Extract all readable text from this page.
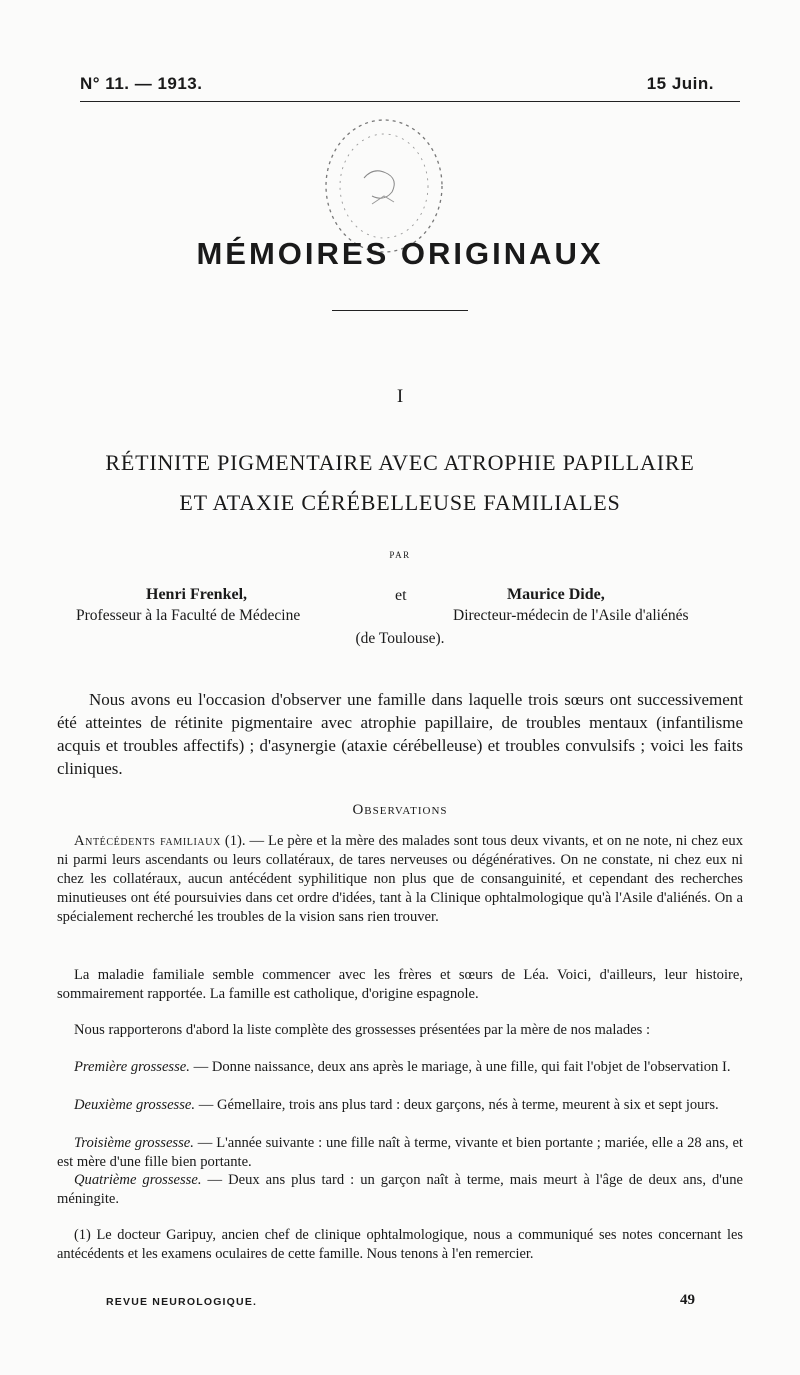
N° 11. — 1913.	15 Juin.
MÉMOIRES ORIGINAUX
I
RÉTINITE PIGMENTAIRE AVEC ATROPHIE PAPILLAIRE
ET ATAXIE CÉRÉBELLEUSE FAMILIALES
PAR
Henri Frenkel,	et	Maurice Dide,
Professeur à la Faculté de Médecine	Directeur-médecin de l'Asile d'aliénés
(de Toulouse).

Nous avons eu l'occasion d'observer une famille dans laquelle trois sœurs ont successivement été atteintes de rétinite pigmentaire avec atrophie papillaire, de troubles mentaux (infantilisme acquis et troubles affectifs) ; d'asynergie (ataxie cérébelleuse) et troubles convulsifs ; voici les faits cliniques.

Observations

Antécédents familiaux (1). — Le père et la mère des malades sont tous deux vivants, et on ne note, ni chez eux ni parmi leurs ascendants ou leurs collatéraux, de tares nerveuses ou dégénératives. On ne constate, ni chez eux ni chez les collatéraux, aucun antécédent syphilitique non plus que de consanguinité, et cependant des recherches minutieuses ont été poursuivies dans cet ordre d'idées, tant à la Clinique ophtalmologique qu'à l'Asile d'aliénés. On a spécialement recherché les troubles de la vision sans rien trouver.

La maladie familiale semble commencer avec les frères et sœurs de Léa. Voici, d'ailleurs, leur histoire, sommairement rapportée. La famille est catholique, d'origine espagnole.

Nous rapporterons d'abord la liste complète des grossesses présentées par la mère de nos malades :

Première grossesse. — Donne naissance, deux ans après le mariage, à une fille, qui fait l'objet de l'observation I.

Deuxième grossesse. — Gémellaire, trois ans plus tard : deux garçons, nés à terme, meurent à six et sept jours.

Troisième grossesse. — L'année suivante : une fille naît à terme, vivante et bien portante ; mariée, elle a 28 ans, et est mère d'une fille bien portante.

Quatrième grossesse. — Deux ans plus tard : un garçon naît à terme, mais meurt à l'âge de deux ans, d'une méningite.

(1) Le docteur Garipuy, ancien chef de clinique ophtalmologique, nous a communiqué ses notes concernant les antécédents et les examens oculaires de cette famille. Nous tenons à l'en remercier.

REVUE NEUROLOGIQUE.	49
